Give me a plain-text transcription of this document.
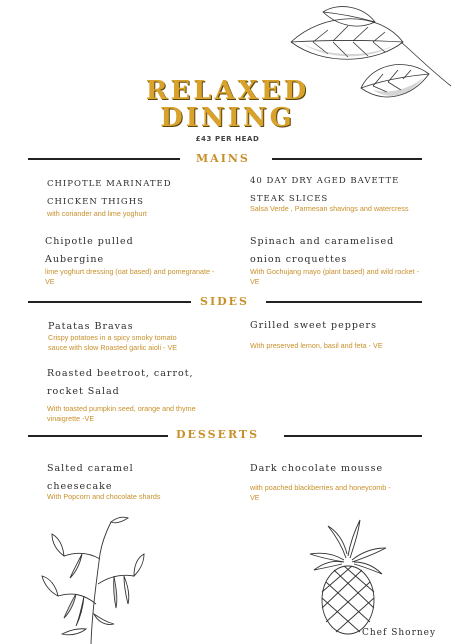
RELAXED
DINING
£43 PER HEAD
MAINS
CHIPOTLE MARINATED CHICKEN THIGHS
with coriander and lime yoghurt
40 DAY DRY AGED BAVETTE STEAK SLICES
Salsa Verde , Parmesan shavings and watercress
Chipotle pulled Aubergine
lime yoghurt dressing (oat based) and pomegranate - VE
Spinach and caramelised onion croquettes
With Gochujang mayo (plant based) and wild rocket - VE
SIDES
Patatas Bravas
Crispy potatoes in a spicy smoky tomato sauce with slow Roasted garlic aioli - VE
Grilled sweet peppers
With preserved lemon, basil and feta - VE
Roasted beetroot, carrot, rocket Salad
With toasted pumpkin seed, orange and thyme vinaigrette -VE
DESSERTS
Salted caramel cheesecake
With Popcorn and chocolate shards
Dark chocolate mousse
with poached blackberries and honeycomb - VE
Chef Shorney
